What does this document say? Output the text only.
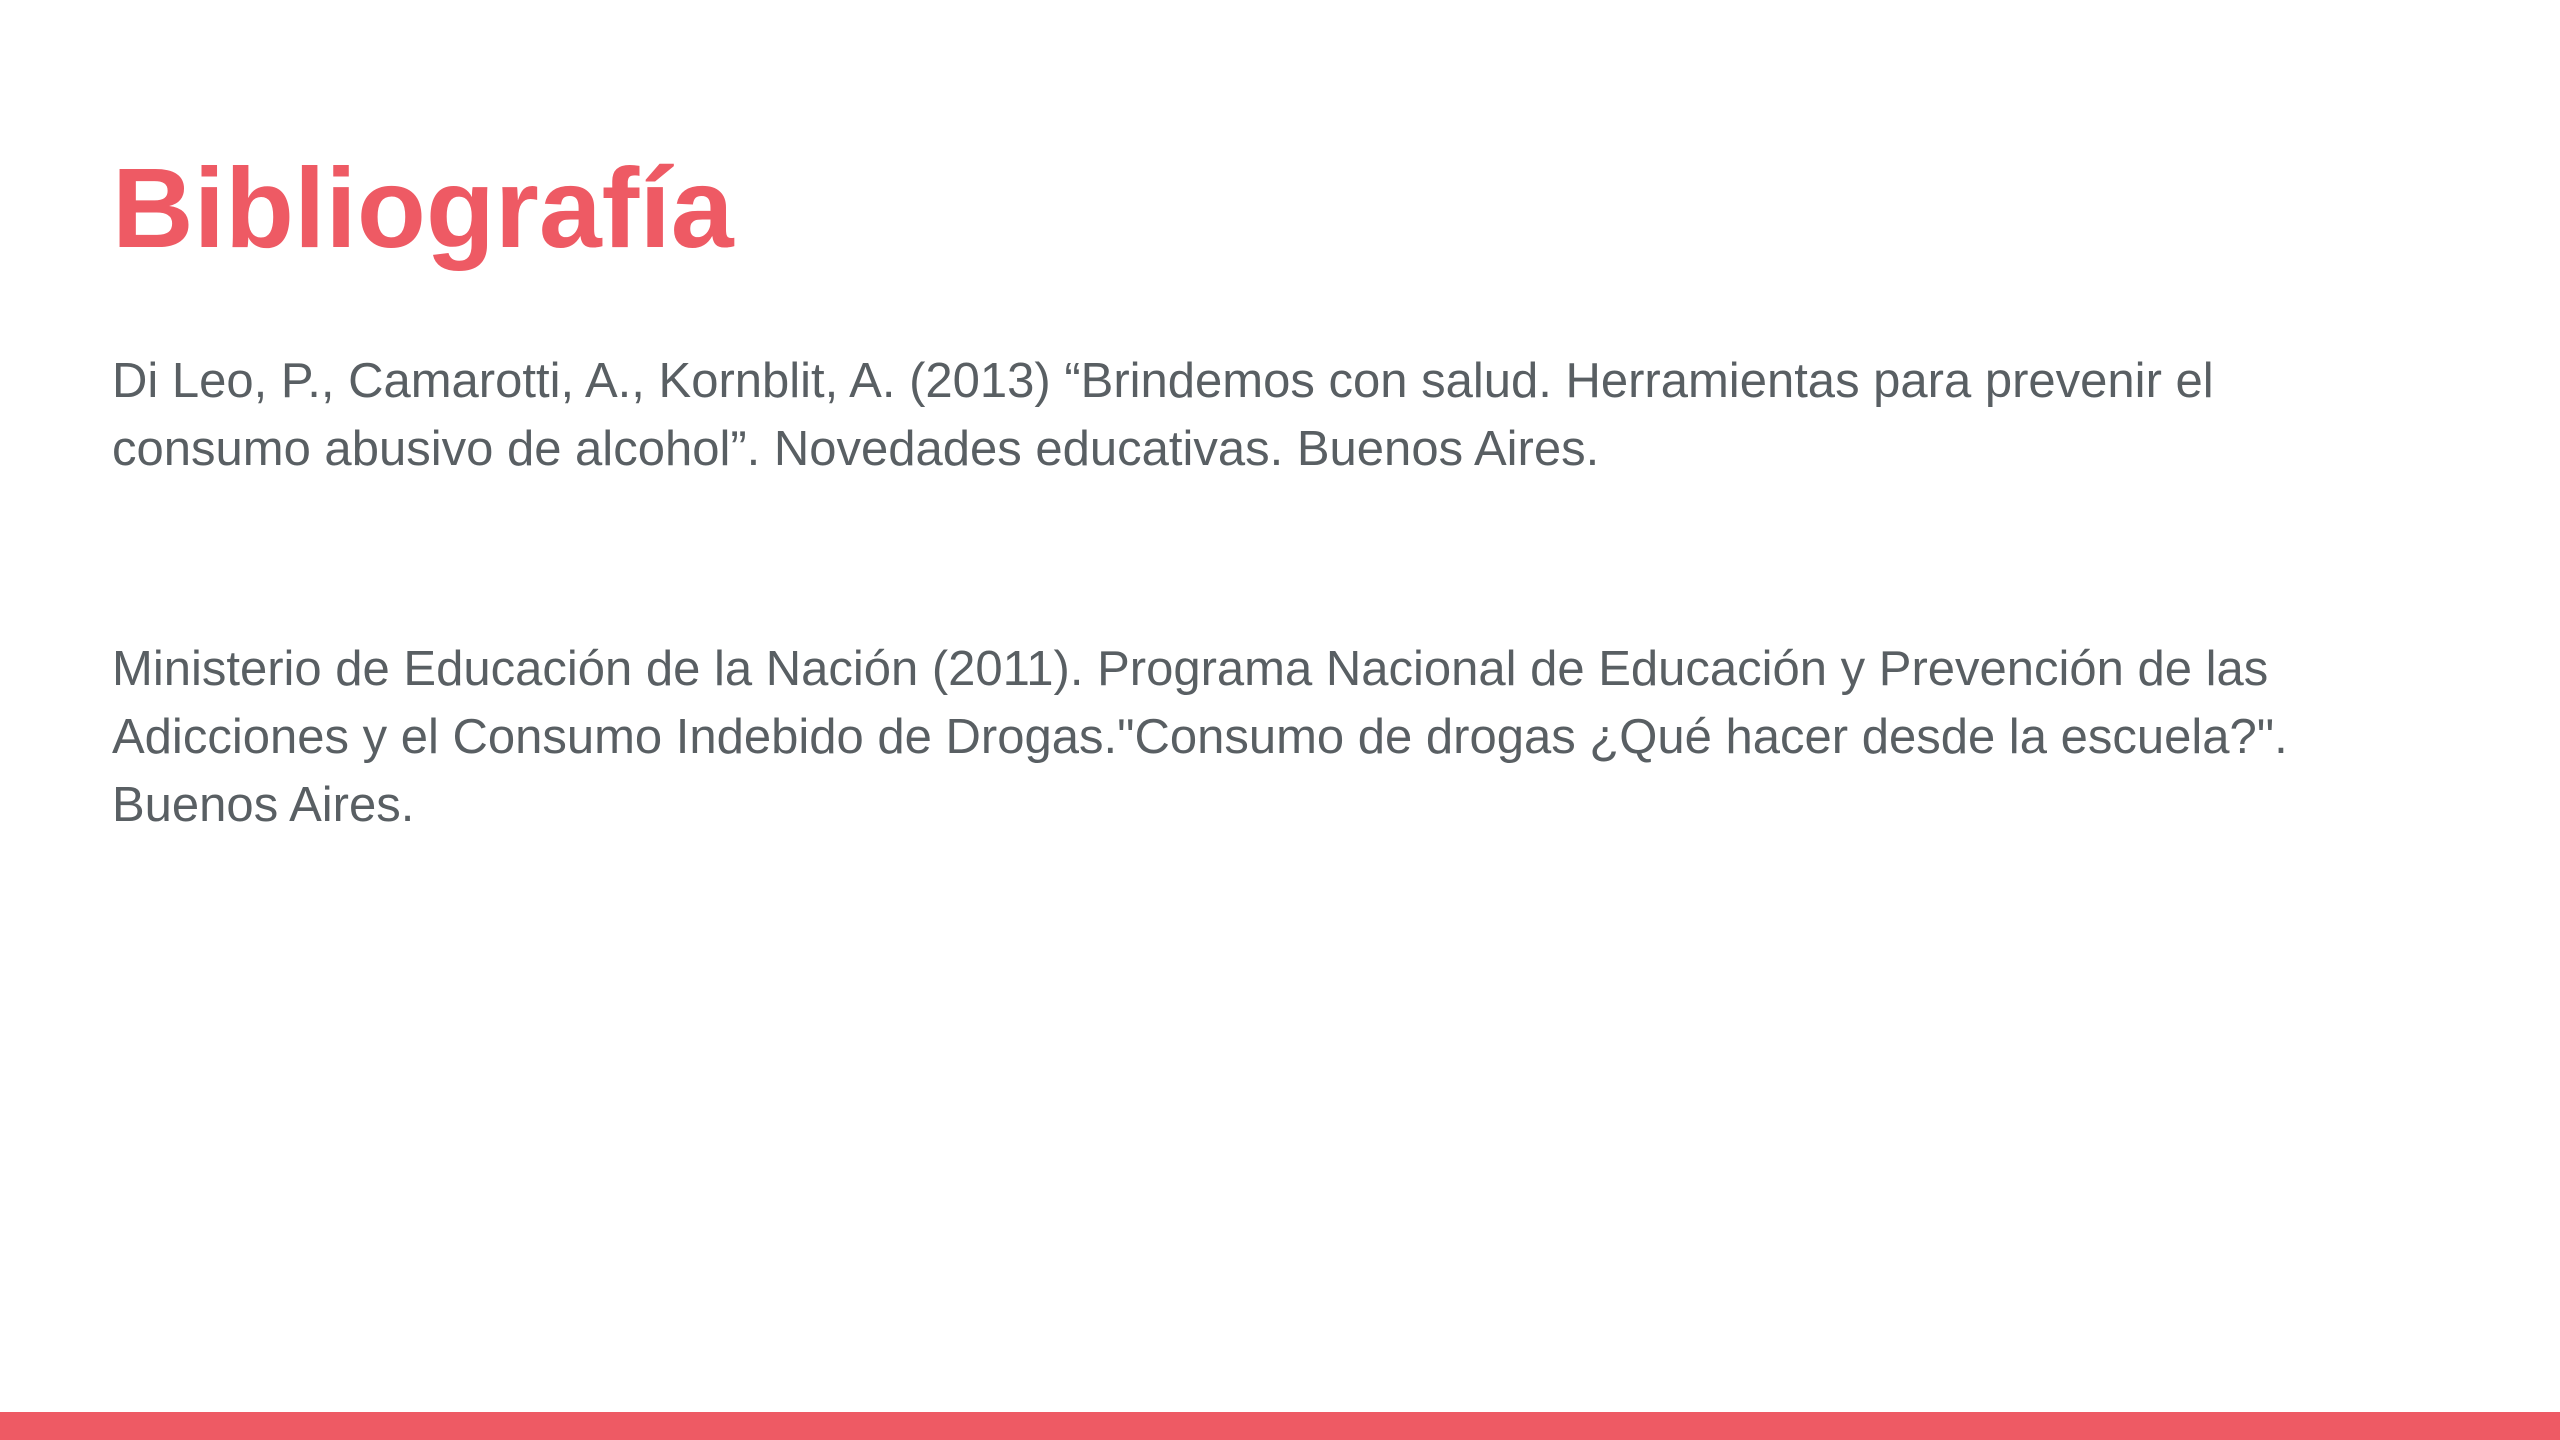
Bibliografía

Di Leo, P., Camarotti, A., Kornblit, A. (2013) “Brindemos con salud. Herramientas para prevenir el consumo abusivo de alcohol”. Novedades educativas. Buenos Aires.

Ministerio de Educación de la Nación (2011). Programa Nacional de Educación y Prevención de las Adicciones y el Consumo Indebido de Drogas."Consumo de drogas ¿Qué hacer desde la escuela?". Buenos Aires.
